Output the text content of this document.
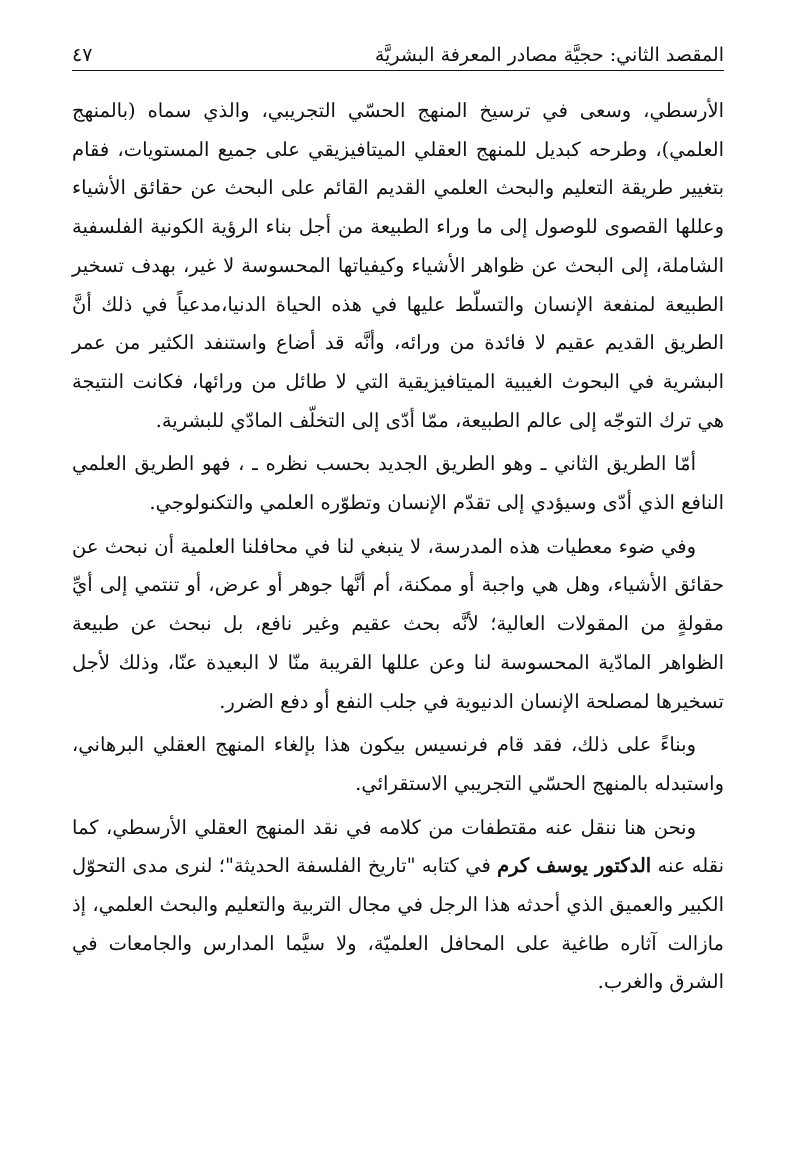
المقصد الثاني: حجيَّة مصادر المعرفة البشريَّة
٤٧

الأرسطي، وسعى في ترسيخ المنهج الحسّي التجريبي، والذي سماه (بالمنهج العلمي)، وطرحه كبديل للمنهج العقلي الميتافيزيقي على جميع المستويات، فقام بتغيير طريقة التعليم والبحث العلمي القديم القائم على البحث عن حقائق الأشياء وعللها القصوى للوصول إلى ما وراء الطبيعة من أجل بناء الرؤية الكونية الفلسفية الشاملة، إلى البحث عن ظواهر الأشياء وكيفياتها المحسوسة لا غير، بهدف تسخير الطبيعة لمنفعة الإنسان والتسلّط عليها في هذه الحياة الدنيا،مدعياً في ذلك أنَّ الطريق القديم عقيم لا فائدة من ورائه، وأنَّه قد أضاع واستنفد الكثير من عمر البشرية في البحوث الغيبية الميتافيزيقية التي لا طائل من ورائها، فكانت النتيجة هي ترك التوجّه إلى عالم الطبيعة، ممّا أدّى إلى التخلّف المادّي للبشرية.

أمّا الطريق الثاني ـ وهو الطريق الجديد بحسب نظره ـ ، فهو الطريق العلمي النافع الذي أدّى وسيؤدي إلى تقدّم الإنسان وتطوّره العلمي والتكنولوجي.

وفي ضوء معطيات هذه المدرسة، لا ينبغي لنا في محافلنا العلمية أن نبحث عن حقائق الأشياء، وهل هي واجبة أو ممكنة، أم أنَّها جوهر أو عرض، أو تنتمي إلى أيِّ مقولةٍ من المقولات العالية؛ لأنَّه بحث عقيم وغير نافع، بل نبحث عن طبيعة الظواهر المادّية المحسوسة لنا وعن عللها القريبة منّا لا البعيدة عنّا، وذلك لأجل تسخيرها لمصلحة الإنسان الدنيوية في جلب النفع أو دفع الضرر.

وبناءً على ذلك، فقد قام فرنسيس بيكون هذا بإلغاء المنهج العقلي البرهاني، واستبدله بالمنهج الحسّي التجريبي الاستقرائي.

ونحن هنا ننقل عنه مقتطفات من كلامه في نقد المنهج العقلي الأرسطي، كما نقله عنه الدكتور يوسف كرم في كتابه "تاريخ الفلسفة الحديثة"؛ لنرى مدى التحوّل الكبير والعميق الذي أحدثه هذا الرجل في مجال التربية والتعليم والبحث العلمي، إذ مازالت آثاره طاغية على المحافل العلميّة، ولا سيَّما المدارس والجامعات في الشرق والغرب.
